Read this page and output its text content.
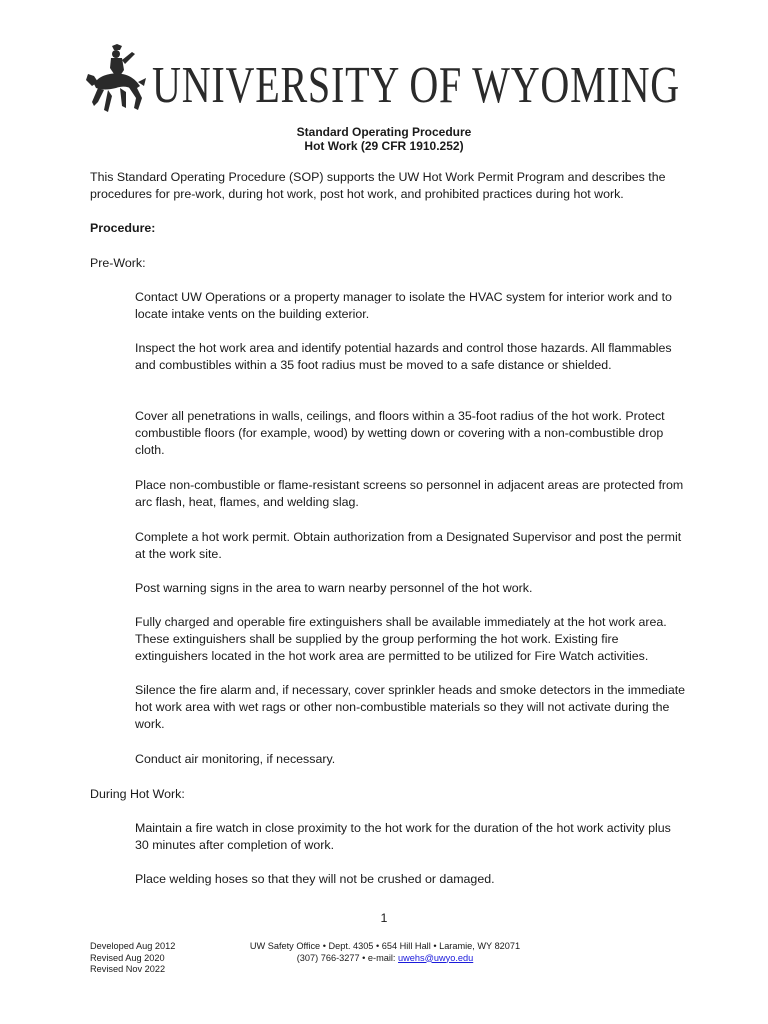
UNIVERSITY OF WYOMING
Standard Operating Procedure
Hot Work (29 CFR 1910.252)

This Standard Operating Procedure (SOP) supports the UW Hot Work Permit Program and describes the procedures for pre-work, during hot work, post hot work, and prohibited practices during hot work.

Procedure:
Pre-Work:

Contact UW Operations or a property manager to isolate the HVAC system for interior work and to locate intake vents on the building exterior.

Inspect the hot work area and identify potential hazards and control those hazards. All flammables and combustibles within a 35 foot radius must be moved to a safe distance or shielded.

Cover all penetrations in walls, ceilings, and floors within a 35-foot radius of the hot work. Protect combustible floors (for example, wood) by wetting down or covering with a non-combustible drop cloth.

Place non-combustible or flame-resistant screens so personnel in adjacent areas are protected from arc flash, heat, flames, and welding slag.

Complete a hot work permit. Obtain authorization from a Designated Supervisor and post the permit at the work site.

Post warning signs in the area to warn nearby personnel of the hot work.

Fully charged and operable fire extinguishers shall be available immediately at the hot work area. These extinguishers shall be supplied by the group performing the hot work. Existing fire extinguishers located in the hot work area are permitted to be utilized for Fire Watch activities.

Silence the fire alarm and, if necessary, cover sprinkler heads and smoke detectors in the immediate hot work area with wet rags or other non-combustible materials so they will not activate during the work.

Conduct air monitoring, if necessary.

During Hot Work:

Maintain a fire watch in close proximity to the hot work for the duration of the hot work activity plus 30 minutes after completion of work.

Place welding hoses so that they will not be crushed or damaged.

1
Developed Aug 2012
Revised Aug 2020
Revised Nov 2022
UW Safety Office • Dept. 4305 • 654 Hill Hall • Laramie, WY 82071
(307) 766-3277 • e-mail: uwehs@uwyo.edu
